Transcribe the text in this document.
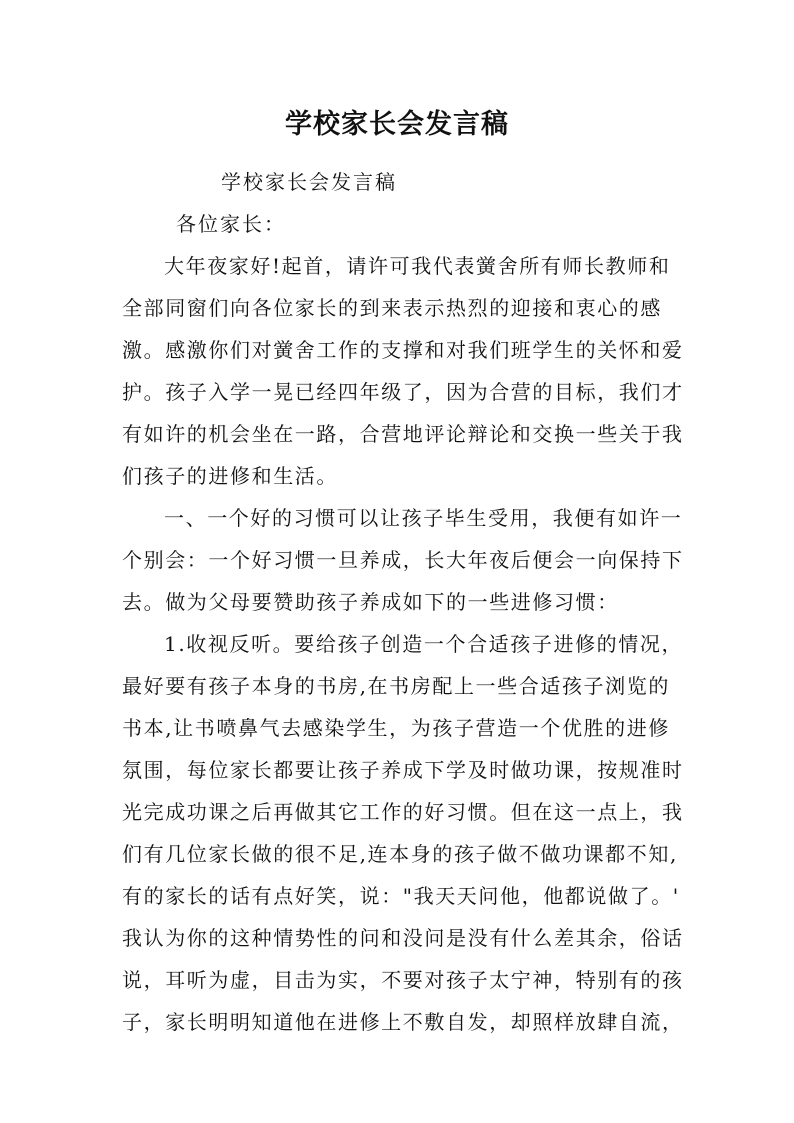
学校家长会发言稿

学校家长会发言稿

各位家长：

大年夜家好!起首，请许可我代表黉舍所有师长教师和

全部同窗们向各位家长的到来表示热烈的迎接和衷心的感

激。感激你们对黉舍工作的支撑和对我们班学生的关怀和爱

护。孩子入学一晃已经四年级了，因为合营的目标，我们才

有如许的机会坐在一路，合营地评论辩论和交换一些关于我

们孩子的进修和生活。

一、一个好的习惯可以让孩子毕生受用，我便有如许一

个别会：一个好习惯一旦养成，长大年夜后便会一向保持下

去。做为父母要赞助孩子养成如下的一些进修习惯：

1.收视反听。要给孩子创造一个合适孩子进修的情况，

最好要有孩子本身的书房,在书房配上一些合适孩子浏览的

书本,让书喷鼻气去感染学生，为孩子营造一个优胜的进修

氛围，每位家长都要让孩子养成下学及时做功课，按规准时

光完成功课之后再做其它工作的好习惯。但在这一点上，我

们有几位家长做的很不足,连本身的孩子做不做功课都不知,

有的家长的话有点好笑，说："我天天问他，他都说做了。'

我认为你的这种情势性的问和没问是没有什么差其余，俗话

说，耳听为虚，目击为实，不要对孩子太宁神，特别有的孩

子，家长明明知道他在进修上不敷自发，却照样放肆自流，
